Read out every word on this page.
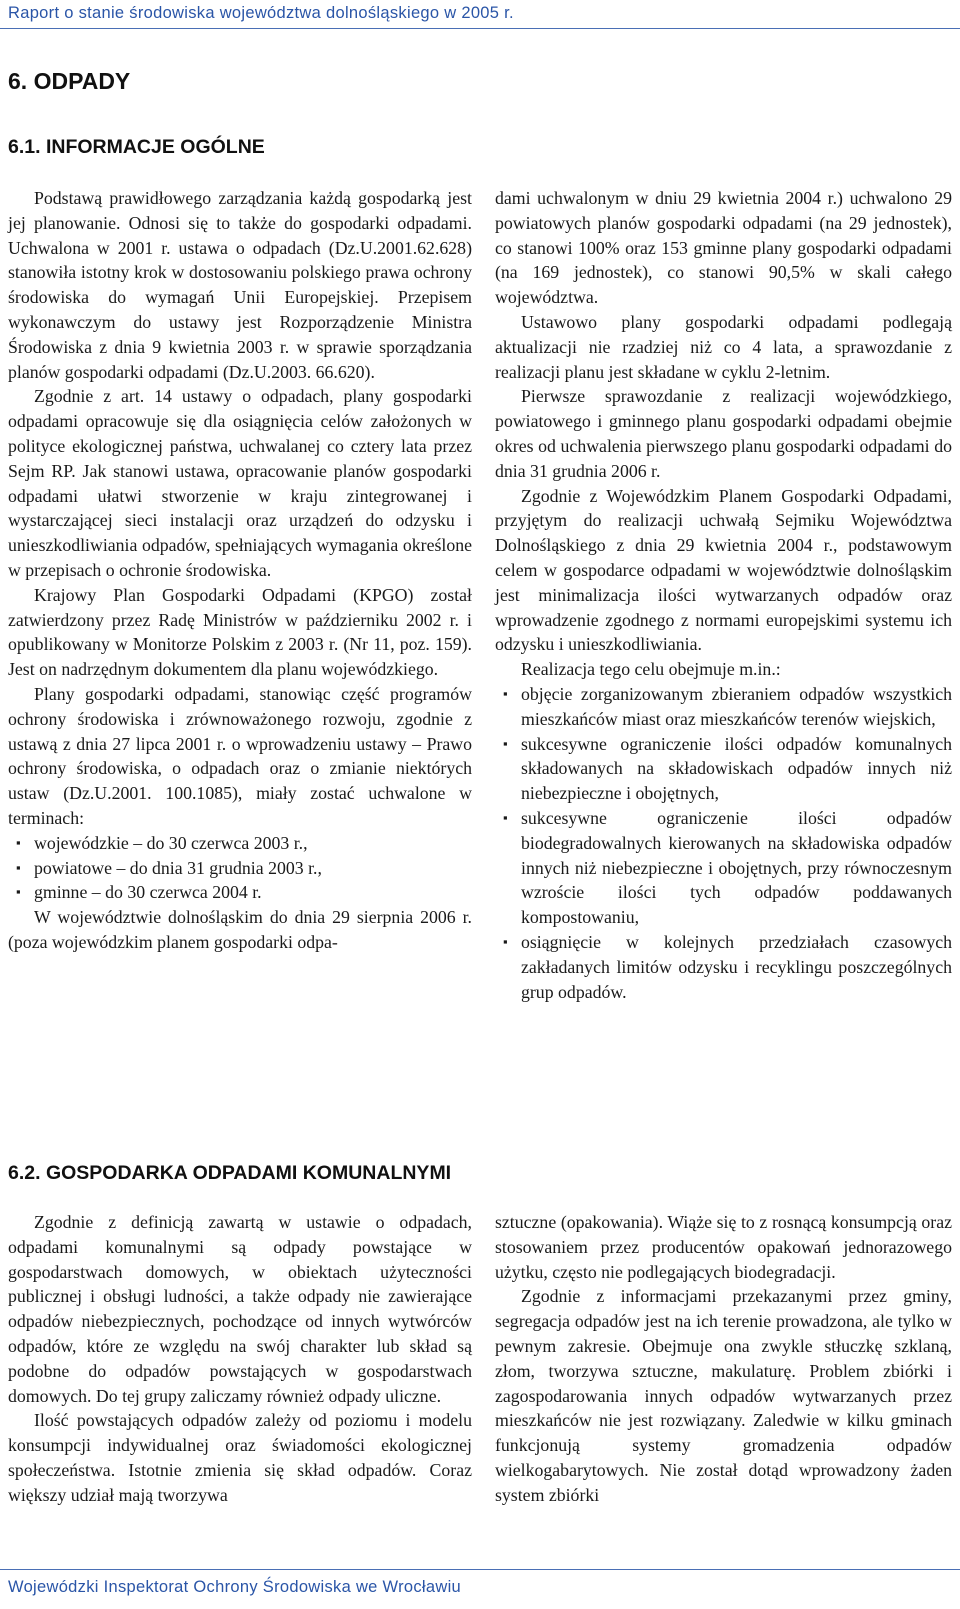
Raport o stanie środowiska województwa dolnośląskiego w 2005 r.
6. ODPADY
6.1. INFORMACJE OGÓLNE

Podstawą prawidłowego zarządzania każdą gospodarką jest jej planowanie. Odnosi się to także do gospodarki odpadami. Uchwalona w 2001 r. ustawa o odpadach (Dz.U.2001.62.628) stanowiła istotny krok w dostosowaniu polskiego prawa ochrony środowiska do wymagań Unii Europejskiej. Przepisem wykonawczym do ustawy jest Rozporządzenie Ministra Środowiska z dnia 9 kwietnia 2003 r. w sprawie sporządzania planów gospodarki odpadami (Dz.U.2003. 66.620).

Zgodnie z art. 14 ustawy o odpadach, plany gospodarki odpadami opracowuje się dla osiągnięcia celów założonych w polityce ekologicznej państwa, uchwalanej co cztery lata przez Sejm RP. Jak stanowi ustawa, opracowanie planów gospodarki odpadami ułatwi stworzenie w kraju zintegrowanej i wystarczającej sieci instalacji oraz urządzeń do odzysku i unieszkodliwiania odpadów, spełniających wymagania określone w przepisach o ochronie środowiska.

Krajowy Plan Gospodarki Odpadami (KPGO) został zatwierdzony przez Radę Ministrów w październiku 2002 r. i opublikowany w Monitorze Polskim z 2003 r. (Nr 11, poz. 159). Jest on nadrzędnym dokumentem dla planu wojewódzkiego.

Plany gospodarki odpadami, stanowiąc część programów ochrony środowiska i zrównoważonego rozwoju, zgodnie z ustawą z dnia 27 lipca 2001 r. o wprowadzeniu ustawy – Prawo ochrony środowiska, o odpadach oraz o zmianie niektórych ustaw (Dz.U.2001. 100.1085), miały zostać uchwalone w terminach:

▪ wojewódzkie – do 30 czerwca 2003 r.,
▪ powiatowe – do dnia 31 grudnia 2003 r.,
▪ gminne – do 30 czerwca 2004 r.

W województwie dolnośląskim do dnia 29 sierpnia 2006 r. (poza wojewódzkim planem gospodarki odpa-

dami uchwalonym w dniu 29 kwietnia 2004 r.) uchwalono 29 powiatowych planów gospodarki odpadami (na 29 jednostek), co stanowi 100% oraz 153 gminne plany gospodarki odpadami (na 169 jednostek), co stanowi 90,5% w skali całego województwa.

Ustawowo plany gospodarki odpadami podlegają aktualizacji nie rzadziej niż co 4 lata, a sprawozdanie z realizacji planu jest składane w cyklu 2-letnim.

Pierwsze sprawozdanie z realizacji wojewódzkiego, powiatowego i gminnego planu gospodarki odpadami obejmie okres od uchwalenia pierwszego planu gospodarki odpadami do dnia 31 grudnia 2006 r.

Zgodnie z Wojewódzkim Planem Gospodarki Odpadami, przyjętym do realizacji uchwałą Sejmiku Województwa Dolnośląskiego z dnia 29 kwietnia 2004 r., podstawowym celem w gospodarce odpadami w województwie dolnośląskim jest minimalizacja ilości wytwarzanych odpadów oraz wprowadzenie zgodnego z normami europejskimi systemu ich odzysku i unieszkodliwiania.

Realizacja tego celu obejmuje m.in.:

▪ objęcie zorganizowanym zbieraniem odpadów wszystkich mieszkańców miast oraz mieszkańców terenów wiejskich,
▪ sukcesywne ograniczenie ilości odpadów komunalnych składowanych na składowiskach odpadów innych niż niebezpieczne i obojętnych,
▪ sukcesywne ograniczenie ilości odpadów biodegradowalnych kierowanych na składowiska odpadów innych niż niebezpieczne i obojętnych, przy równoczesnym wzroście ilości tych odpadów poddawanych kompostowaniu,
▪ osiągnięcie w kolejnych przedziałach czasowych zakładanych limitów odzysku i recyklingu poszczególnych grup odpadów.
6.2. GOSPODARKA ODPADAMI KOMUNALNYMI

Zgodnie z definicją zawartą w ustawie o odpadach, odpadami komunalnymi są odpady powstające w gospodarstwach domowych, w obiektach użyteczności publicznej i obsługi ludności, a także odpady nie zawierające odpadów niebezpiecznych, pochodzące od innych wytwórców odpadów, które ze względu na swój charakter lub skład są podobne do odpadów powstających w gospodarstwach domowych. Do tej grupy zaliczamy również odpady uliczne.

Ilość powstających odpadów zależy od poziomu i modelu konsumpcji indywidualnej oraz świadomości ekologicznej społeczeństwa. Istotnie zmienia się skład odpadów. Coraz większy udział mają tworzywa

sztuczne (opakowania). Wiąże się to z rosnącą konsumpcją oraz stosowaniem przez producentów opakowań jednorazowego użytku, często nie podlegających biodegradacji.

Zgodnie z informacjami przekazanymi przez gminy, segregacja odpadów jest na ich terenie prowadzona, ale tylko w pewnym zakresie. Obejmuje ona zwykle stłuczkę szklaną, złom, tworzywa sztuczne, makulaturę. Problem zbiórki i zagospodarowania innych odpadów wytwarzanych przez mieszkańców nie jest rozwiązany. Zaledwie w kilku gminach funkcjonują systemy gromadzenia odpadów wielkogabarytowych. Nie został dotąd wprowadzony żaden system zbiórki

Wojewódzki Inspektorat Ochrony Środowiska we Wrocławiu
